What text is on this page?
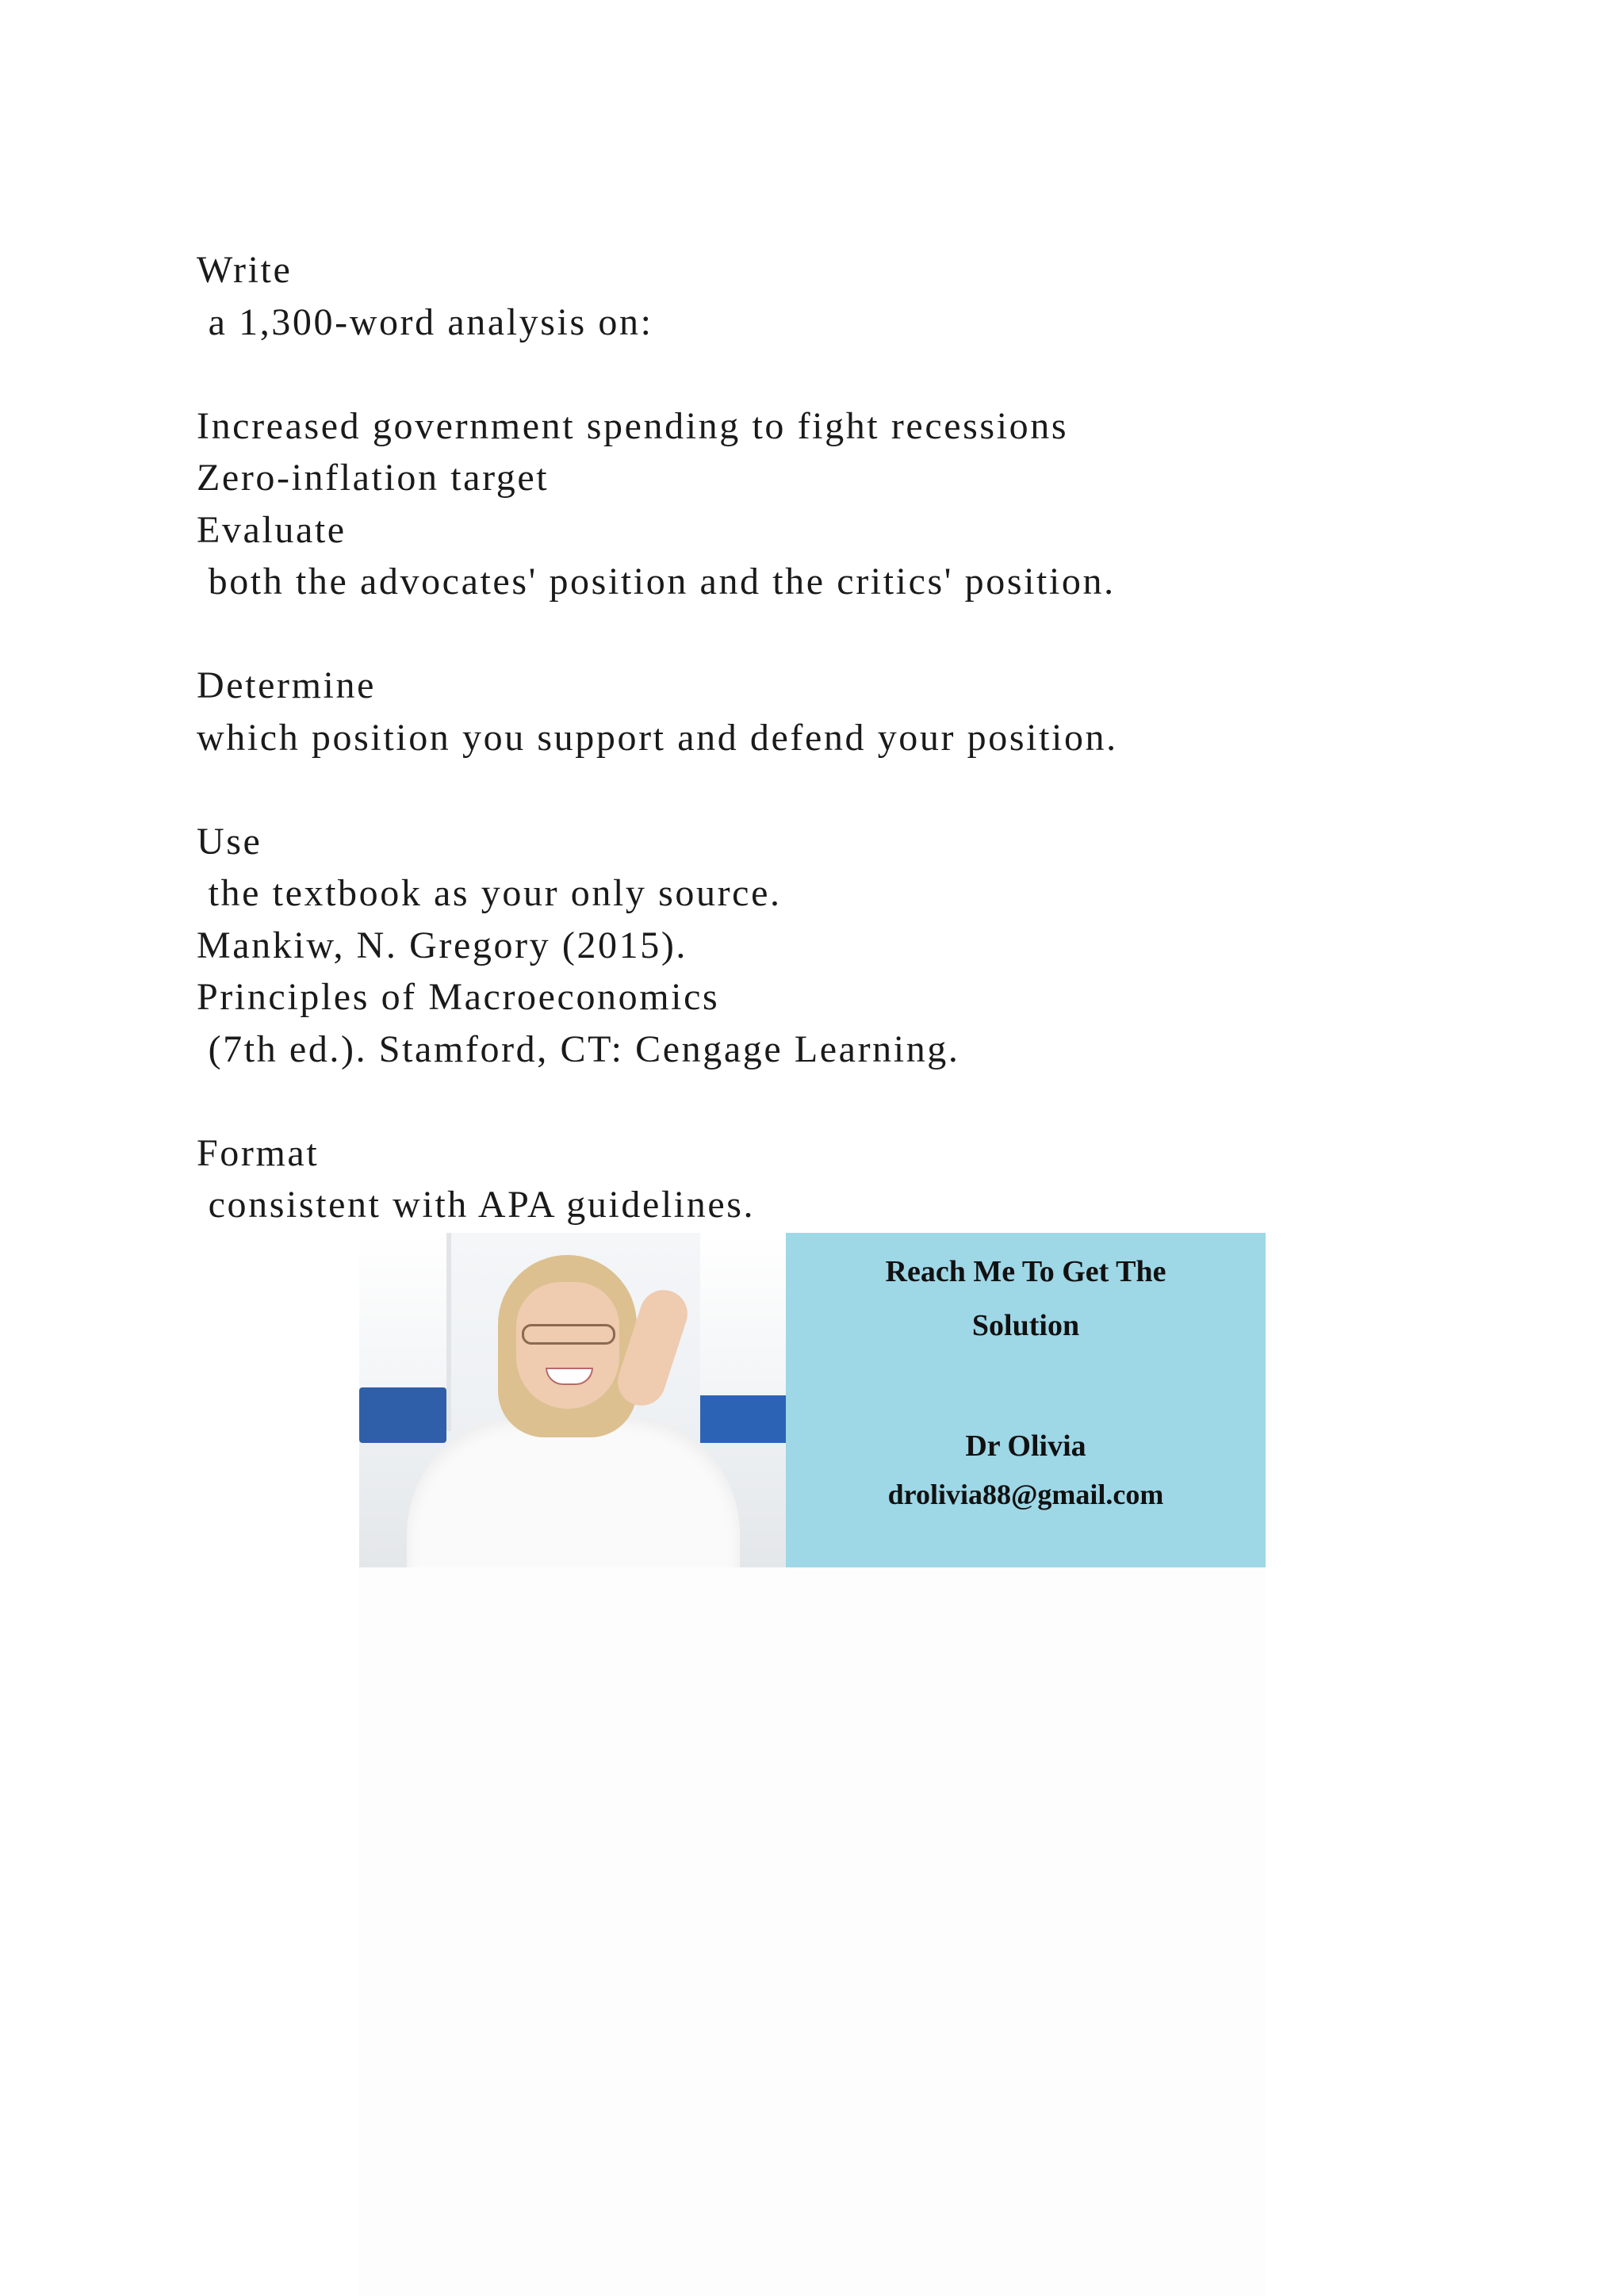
Write
a 1,300-word analysis on:
Increased government spending to fight recessions
Zero-inflation target
Evaluate
both the advocates' position and the critics' position.
Determine
which position you support and defend your position.
Use
the textbook as your only source.
Mankiw, N. Gregory (2015).
Principles of Macroeconomics
(7th ed.). Stamford, CT: Cengage Learning.
Format
consistent with APA guidelines.
Reach Me To Get The
Solution
Dr Olivia
drolivia88@gmail.com
